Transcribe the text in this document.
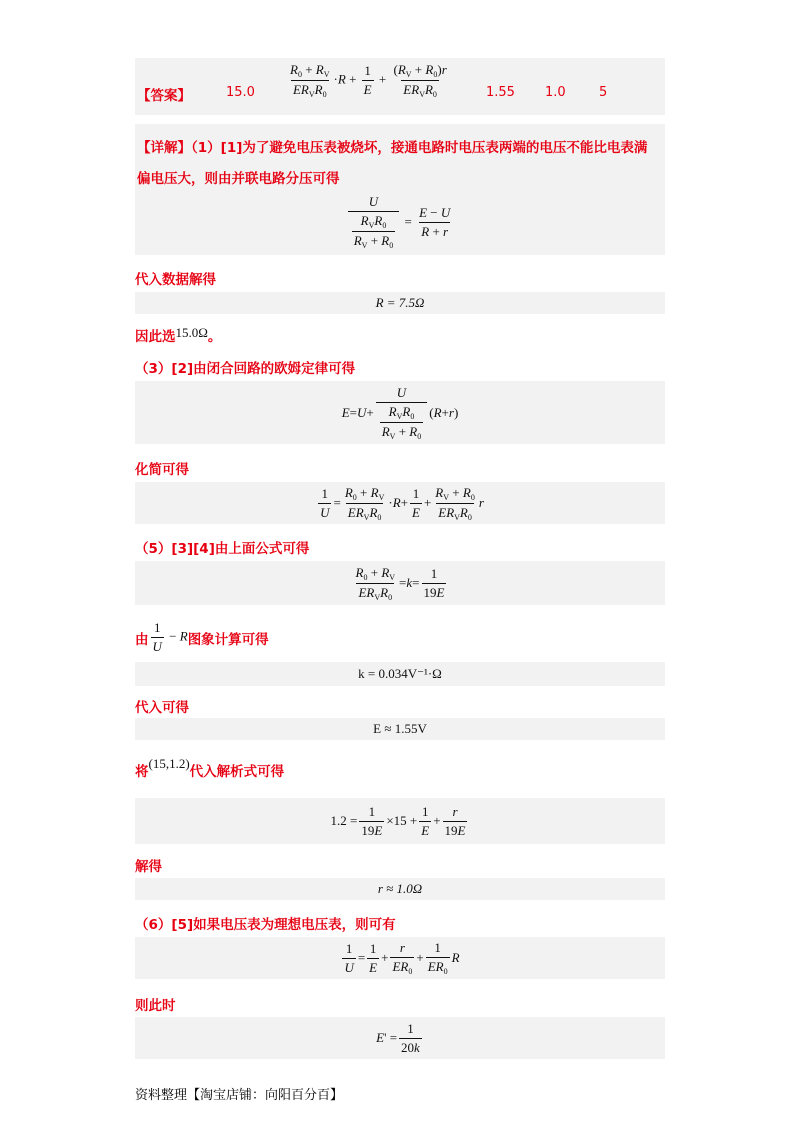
【答案】	15.0	$\frac{R_0 + R_V}{ER_VR_0} \cdot R + \frac{1}{E} + \frac{(R_V + R_0)r}{ER_VR_0}$	1.55 1.0	5
【详解】（1）[1]为了避免电压表被烧坏，接通电路时电压表两端的电压不能比电表满
偏电压大，则由并联电路分压可得
$\frac{U}{\frac{R_VR_0}{R_V + R_0}} = \frac{E - U}{R + r}$
代入数据解得
R = 7.5Ω
因此选15.0Ω。
（3）[2]由闭合回路的欧姆定律可得
$E = U + \frac{U}{\frac{R_VR_0}{R_V + R_0}}$ ( R + r )
化简可得
$\frac{1}{U} = \frac{R_0 + R_V}{ER_VR_0} \cdot R + \frac{1}{E} + \frac{R_V + R_0}{ER_VR_0}$ r
（5）[3][4]由上面公式可得
$\frac{R_0 + R_V}{ER_VR_0} = k = \frac{1}{19E}$
由 $\frac{1}{U} - R$ 图象计算可得
k = 0.034V⁻¹·Ω
代入可得
E ≈ 1.55V
将(15,1.2)代入解析式可得
$1.2 = \frac{1}{19E} \times 15 + \frac{1}{E} + \frac{r}{19E}$
解得
r ≈ 1.0Ω
（6）[5]如果电压表为理想电压表，则可有
$\frac{1}{U} = \frac{1}{E} + \frac{r}{ER_0} + \frac{1}{ER_0}$ R
则此时
E ' = $\frac{1}{20k}$
资料整理【淘宝店铺：向阳百分百】
